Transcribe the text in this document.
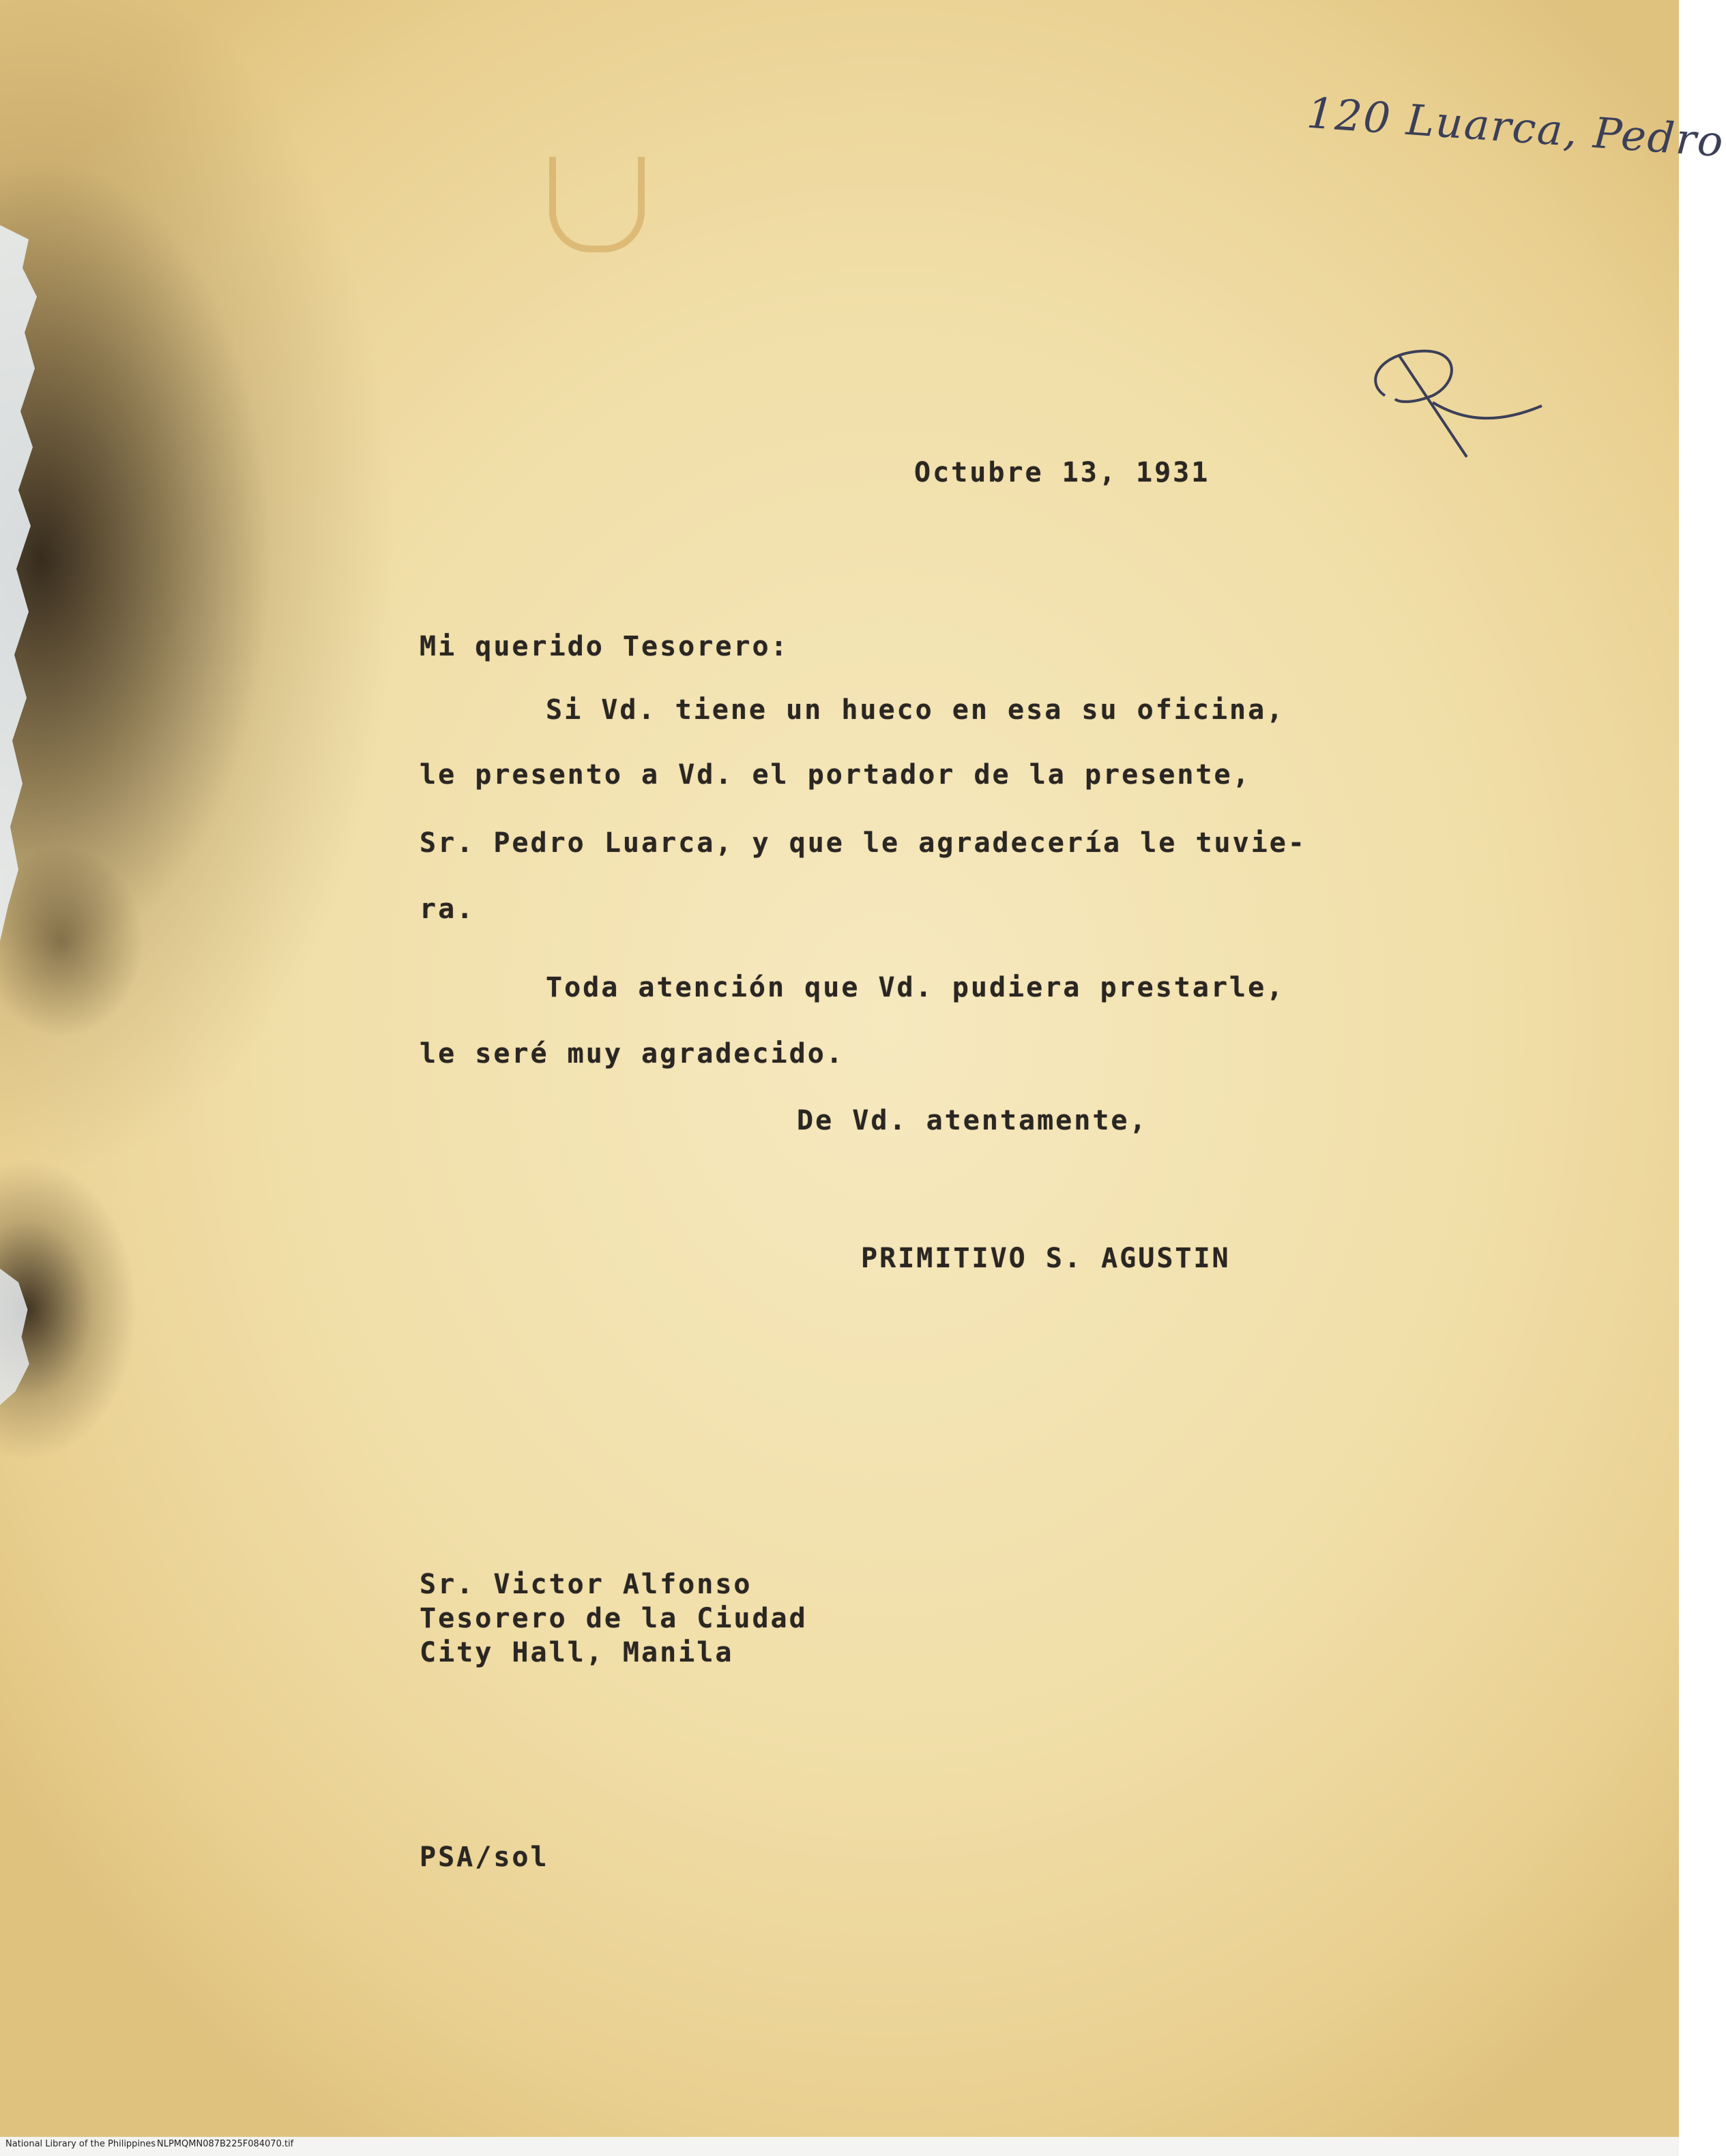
120 Luarca, Pedro
Octubre 13, 1931
Mi querido Tesorero:
Si Vd. tiene un hueco en esa su oficina,
le presento a Vd. el portador de la presente,
Sr. Pedro Luarca, y que le agradecería le tuvie-
ra.
Toda atención que Vd. pudiera prestarle,
le seré muy agradecido.
De Vd. atentamente,
PRIMITIVO S. AGUSTIN
Sr. Victor Alfonso
Tesorero de la Ciudad
City Hall, Manila
PSA/sol
National Library of the Philippines NLPMQMN087B225F084070.tif
